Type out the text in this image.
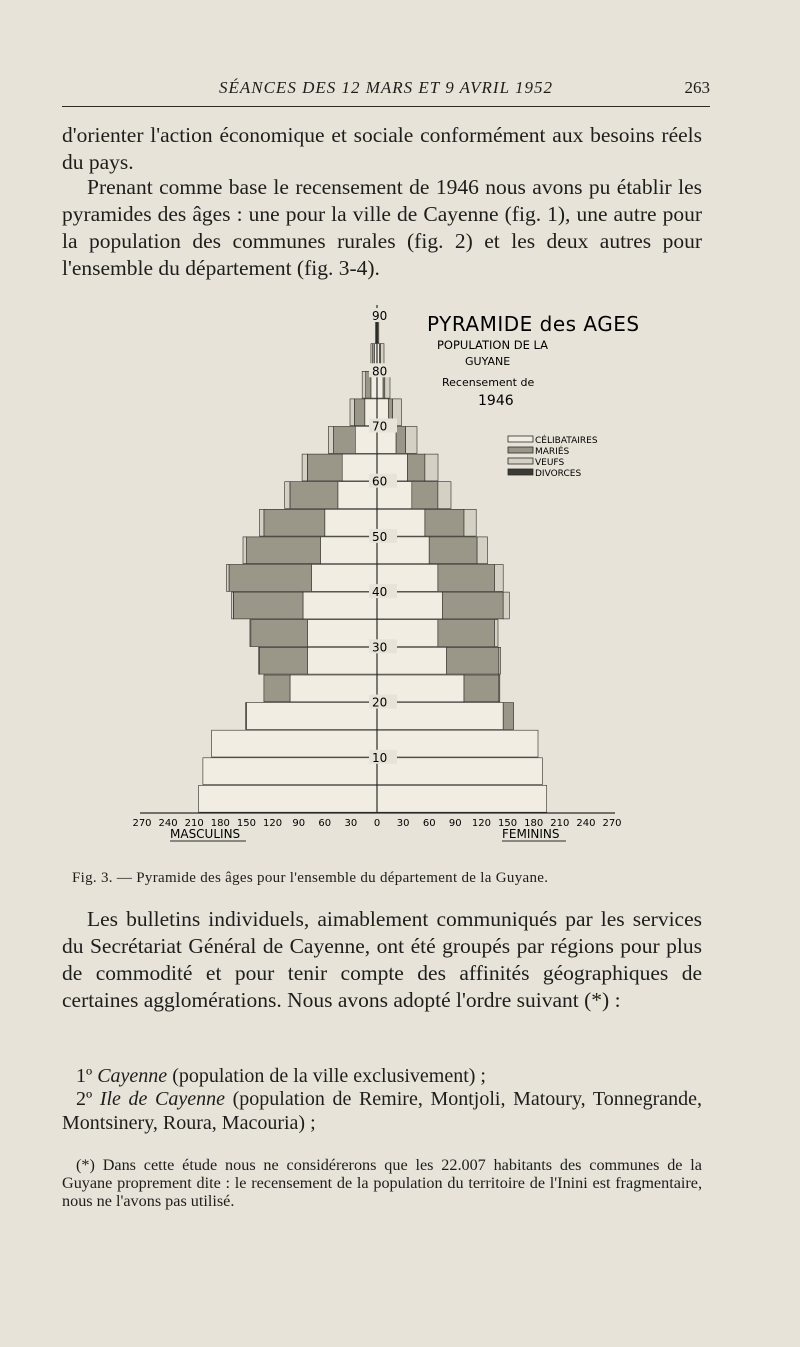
SÉANCES DES 12 MARS ET 9 AVRIL 1952	263

d'orienter l'action économique et sociale conformément aux besoins réels du pays.

Prenant comme base le recensement de 1946 nous avons pu établir les pyramides des âges : une pour la ville de Cayenne (fig. 1), une autre pour la population des communes rurales (fig. 2) et les deux autres pour l'ensemble du département (fig. 3-4).

10
20
30
40
50
60
70
80
90
270 240 210 180 150 120 90 60 30 0 30 60 90 120 150 180 210 240 270
MASCULINS	FEMININS
PYRAMIDE des AGES
POPULATION DE LA
GUYANE
Recensement de
1946
CÉLIBATAIRES
MARIÉS
VEUFS
DIVORCES
Fig. 3. — Pyramide des âges pour l'ensemble du département de la Guyane.

Les bulletins individuels, aimablement communiqués par les services du Secrétariat Général de Cayenne, ont été groupés par régions pour plus de commodité et pour tenir compte des affinités géographiques de certaines agglomérations. Nous avons adopté l'ordre suivant (*) :

1º Cayenne (population de la ville exclusivement) ;

2º Ile de Cayenne (population de Remire, Montjoli, Matoury, Tonnegrande, Montsinery, Roura, Macouria) ;

(*) Dans cette étude nous ne considérerons que les 22.007 habitants des communes de la Guyane proprement dite : le recensement de la population du territoire de l'Inini est fragmentaire, nous ne l'avons pas utilisé.
